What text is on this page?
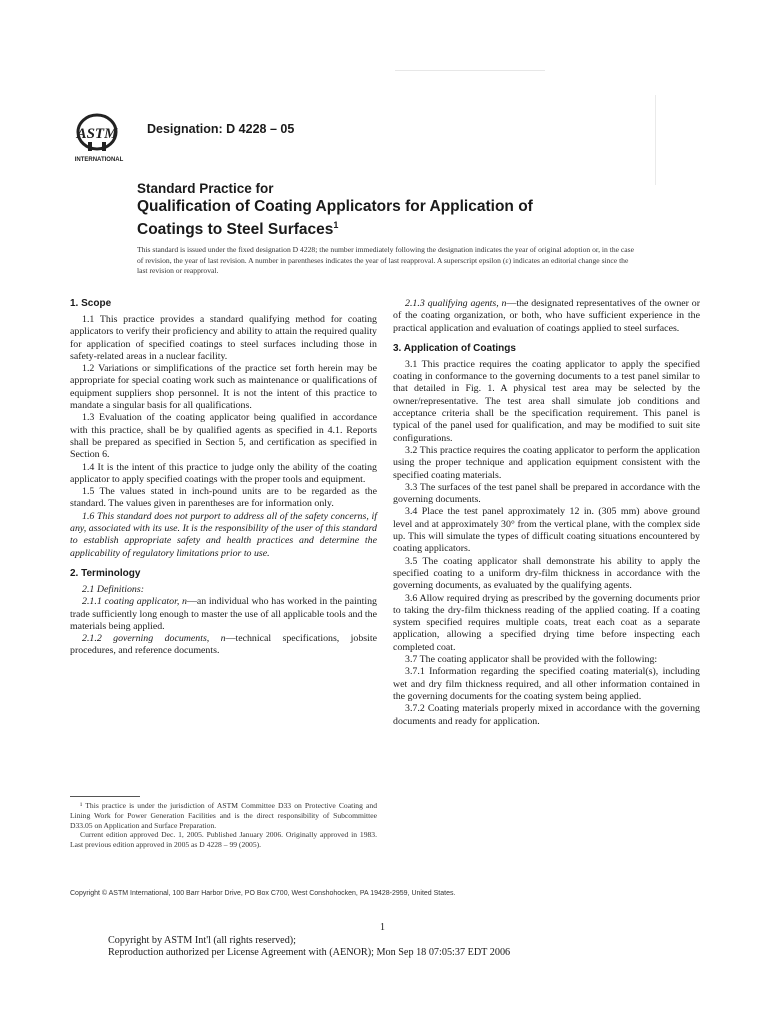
ASTM
INTERNATIONAL
Designation: D 4228 – 05
Standard Practice for
Qualification of Coating Applicators for Application of
Coatings to Steel Surfaces$^1$
This standard is issued under the fixed designation D 4228; the number immediately following the designation indicates the year of original adoption or, in the case of revision, the year of last revision. A number in parentheses indicates the year of last reapproval. A superscript epsilon (ε) indicates an editorial change since the last revision or reapproval.
1. Scope

1.1 This practice provides a standard qualifying method for coating applicators to verify their proficiency and ability to attain the required quality for application of specified coatings to steel surfaces including those in safety-related areas in a nuclear facility.

1.2 Variations or simplifications of the practice set forth herein may be appropriate for special coating work such as maintenance or qualifications of equipment suppliers shop personnel. It is not the intent of this practice to mandate a singular basis for all qualifications.

1.3 Evaluation of the coating applicator being qualified in accordance with this practice, shall be by qualified agents as specified in 4.1. Reports shall be prepared as specified in Section 5, and certification as specified in Section 6.

1.4 It is the intent of this practice to judge only the ability of the coating applicator to apply specified coatings with the proper tools and equipment.

1.5 The values stated in inch-pound units are to be regarded as the standard. The values given in parentheses are for information only.

1.6 This standard does not purport to address all of the safety concerns, if any, associated with its use. It is the responsibility of the user of this standard to establish appropriate safety and health practices and determine the applicability of regulatory limitations prior to use.

2. Terminology

2.1 Definitions:

2.1.1 coating applicator, n—an individual who has worked in the painting trade sufficiently long enough to master the use of all applicable tools and the materials being applied.

2.1.2 governing documents, n—technical specifications, jobsite procedures, and reference documents.

2.1.3 qualifying agents, n—the designated representatives of the owner or of the coating organization, or both, who have sufficient experience in the practical application and evaluation of coatings applied to steel surfaces.

3. Application of Coatings

3.1 This practice requires the coating applicator to apply the specified coating in conformance to the governing documents to a test panel similar to that detailed in Fig. 1. A physical test area may be selected by the owner/representative. The test area shall simulate job conditions and acceptance criteria shall be the specification requirement. This panel is typical of the panel used for qualification, and may be modified to suit site configurations.

3.2 This practice requires the coating applicator to perform the application using the proper technique and application equipment consistent with the specified coating materials.

3.3 The surfaces of the test panel shall be prepared in accordance with the governing documents.

3.4 Place the test panel approximately 12 in. (305 mm) above ground level and at approximately 30° from the vertical plane, with the complex side up. This will simulate the types of difficult coating situations encountered by coating applicators.

3.5 The coating applicator shall demonstrate his ability to apply the specified coating to a uniform dry-film thickness in accordance with the governing documents, as evaluated by the qualifying agents.

3.6 Allow required drying as prescribed by the governing documents prior to taking the dry-film thickness reading of the applied coating. If a coating system specified requires multiple coats, treat each coat as a separate application, allowing a specified drying time before inspecting each completed coat.

3.7 The coating applicator shall be provided with the following:

3.7.1 Information regarding the specified coating material(s), including wet and dry film thickness required, and all other information contained in the governing documents for the coating system being applied.

3.7.2 Coating materials properly mixed in accordance with the governing documents and ready for application.

¹ This practice is under the jurisdiction of ASTM Committee D33 on Protective Coating and Lining Work for Power Generation Facilities and is the direct responsibility of Subcommittee D33.05 on Application and Surface Preparation.

Current edition approved Dec. 1, 2005. Published January 2006. Originally approved in 1983. Last previous edition approved in 2005 as D 4228 – 99 (2005).

Copyright © ASTM International, 100 Barr Harbor Drive, PO Box C700, West Conshohocken, PA 19428-2959, United States.
1
Copyright by ASTM Int'l (all rights reserved);
Reproduction authorized per License Agreement with (AENOR); Mon Sep 18 07:05:37 EDT 2006
